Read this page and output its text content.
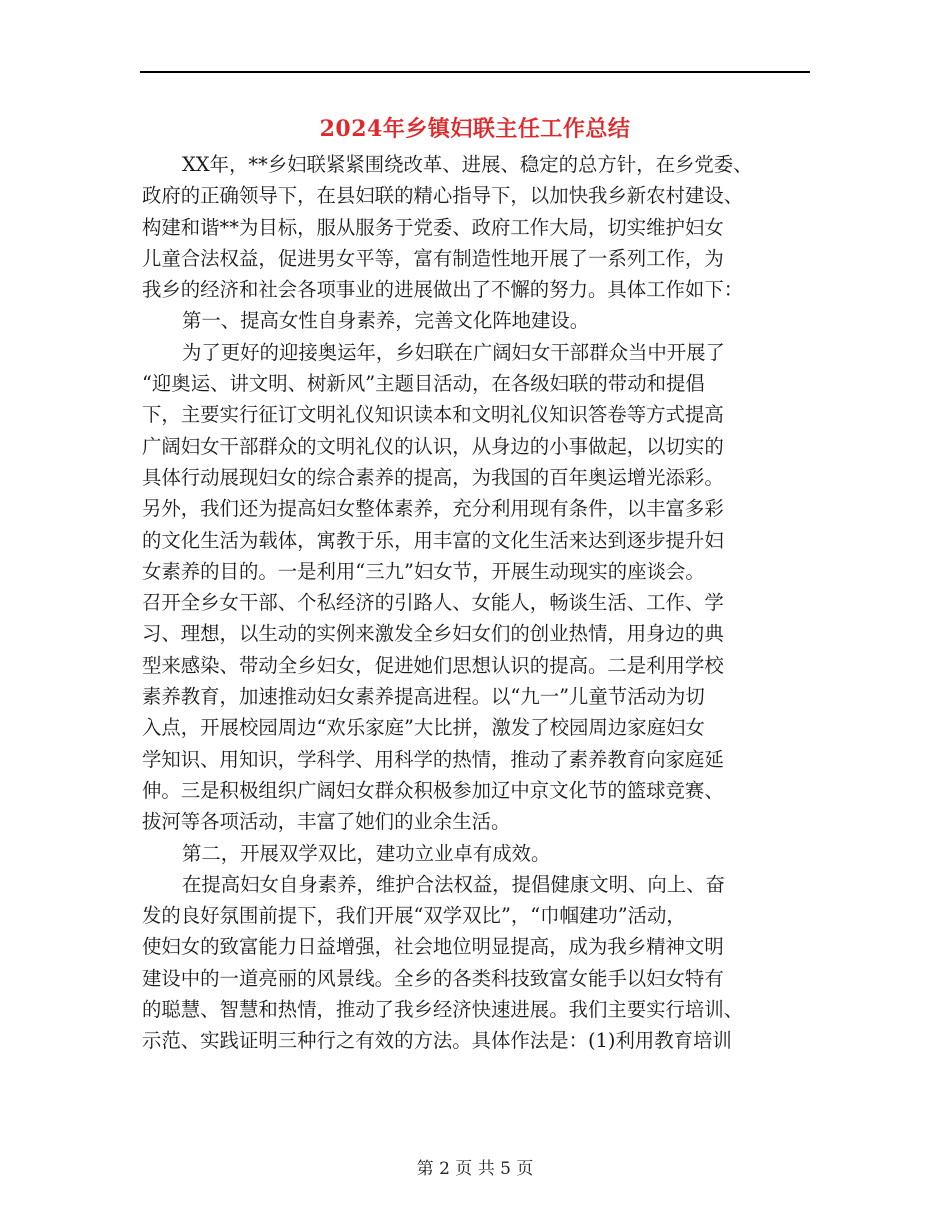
2024年乡镇妇联主任工作总结
XX年，**乡妇联紧紧围绕改革、进展、稳定的总方针，在乡党委、
政府的正确领导下，在县妇联的精心指导下，以加快我乡新农村建设、
构建和谐**为目标，服从服务于党委、政府工作大局，切实维护妇女
儿童合法权益，促进男女平等，富有制造性地开展了一系列工作，为
我乡的经济和社会各项事业的进展做出了不懈的努力。具体工作如下：
第一、提高女性自身素养，完善文化阵地建设。
为了更好的迎接奥运年，乡妇联在广阔妇女干部群众当中开展了
“迎奥运、讲文明、树新风”主题目活动，在各级妇联的带动和提倡
下，主要实行征订文明礼仪知识读本和文明礼仪知识答卷等方式提高
广阔妇女干部群众的文明礼仪的认识，从身边的小事做起，以切实的
具体行动展现妇女的综合素养的提高，为我国的百年奥运增光添彩。
另外，我们还为提高妇女整体素养，充分利用现有条件，以丰富多彩
的文化生活为载体，寓教于乐，用丰富的文化生活来达到逐步提升妇
女素养的目的。一是利用“三九”妇女节，开展生动现实的座谈会。
召开全乡女干部、个私经济的引路人、女能人，畅谈生活、工作、学
习、理想，以生动的实例来激发全乡妇女们的创业热情，用身边的典
型来感染、带动全乡妇女，促进她们思想认识的提高。二是利用学校
素养教育，加速推动妇女素养提高进程。以“九一”儿童节活动为切
入点，开展校园周边“欢乐家庭”大比拼，激发了校园周边家庭妇女
学知识、用知识，学科学、用科学的热情，推动了素养教育向家庭延
伸。三是积极组织广阔妇女群众积极参加辽中京文化节的篮球竞赛、
拔河等各项活动，丰富了她们的业余生活。
第二，开展双学双比，建功立业卓有成效。
在提高妇女自身素养，维护合法权益，提倡健康文明、向上、奋
发的良好氛围前提下，我们开展“双学双比”，“巾帼建功”活动，
使妇女的致富能力日益增强，社会地位明显提高，成为我乡精神文明
建设中的一道亮丽的风景线。全乡的各类科技致富女能手以妇女特有
的聪慧、智慧和热情，推动了我乡经济快速进展。我们主要实行培训、
示范、实践证明三种行之有效的方法。具体作法是：(1)利用教育培训
第 2 页 共 5 页
